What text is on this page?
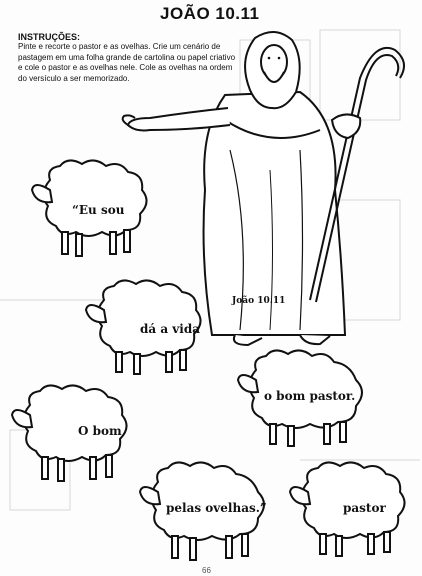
JOÃO 10.11
INSTRUÇÕES:
Pinte e recorte o pastor e as ovelhas. Crie um cenário de pastagem em uma folha grande de cartolina ou papel criativo e cole o pastor e as ovelhas nele. Cole as ovelhas na ordem do versículo a ser memorizado.
João 10.11
“Eu sou
dá a vida
o bom pastor.
O bom
pelas ovelhas.”	pastor
66
